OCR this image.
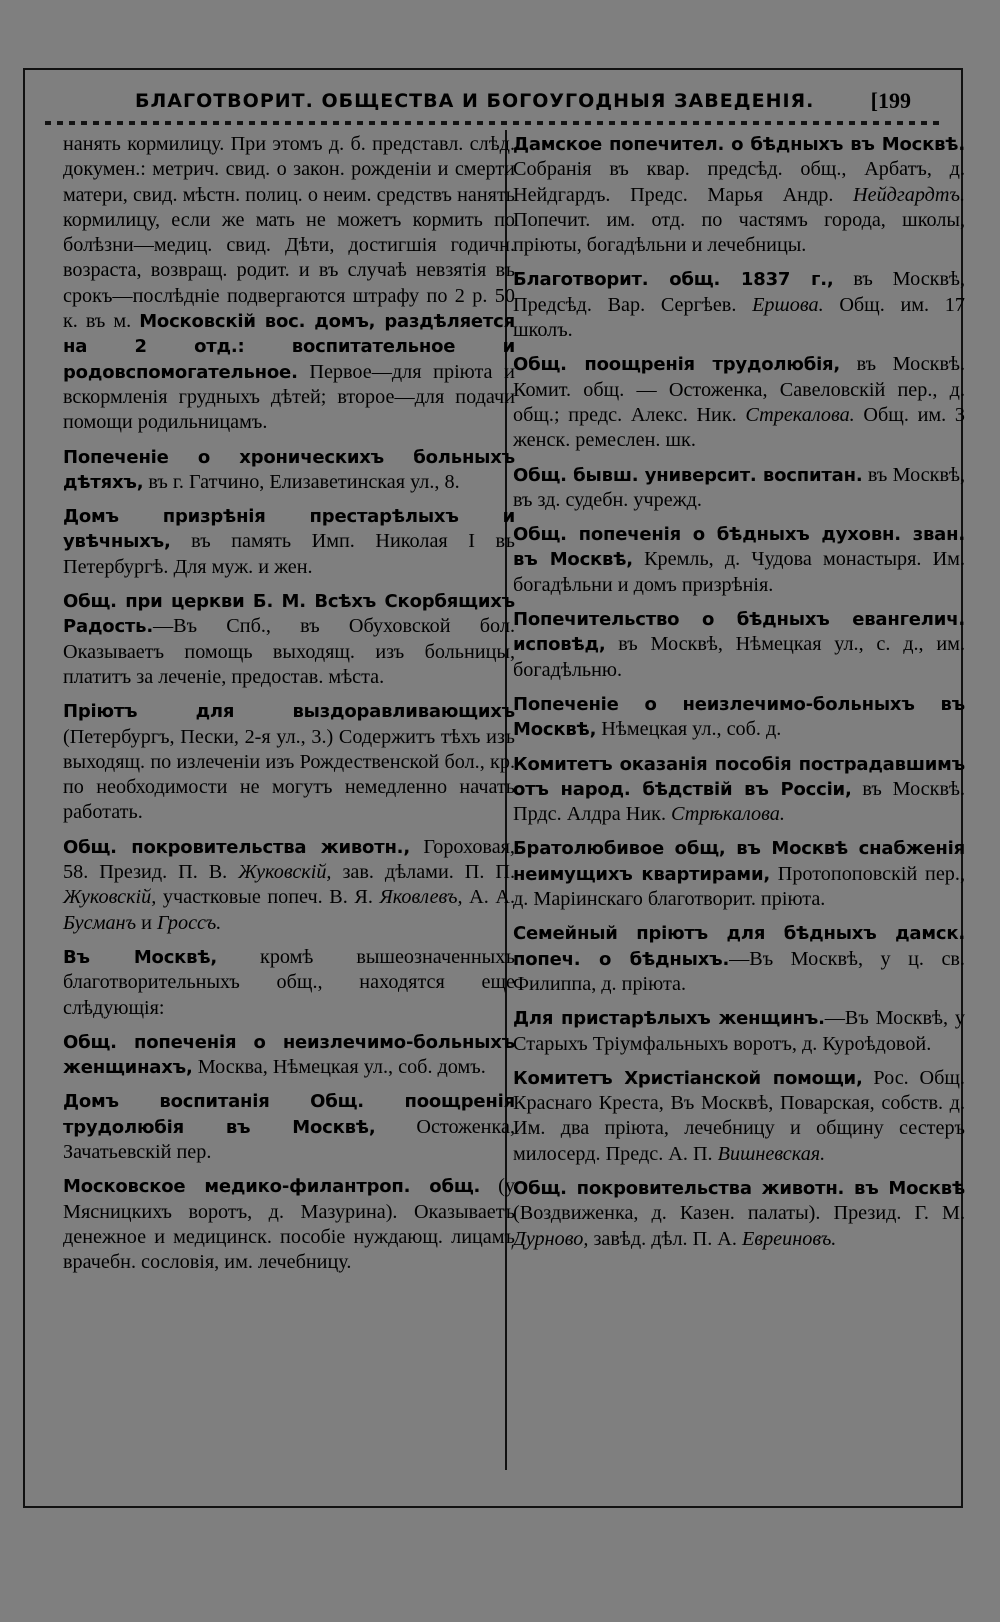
БЛАГОТВОРИТ. ОБЩЕСТВА И БОГОУГОДНЫЯ ЗАВЕДЕНІЯ.	[199

нанять кормилицу. При этомъ д. б. представл. слѣд. докумен.: метрич. свид. о закон. рожденіи и смерти матери, свид. мѣстн. полиц. о неим. средствъ нанять кормилицу, если же мать не можетъ кормить по болѣзни—медиц. свид. Дѣти, достигшія годичн. возраста, возвращ. родит. и въ случаѣ невзятія въ срокъ—послѣдніе подвергаются штрафу по 2 р. 50 к. въ м. Московскій вос. домъ, раздѣляется на 2 отд.: воспитательное и родовспомогательное. Первое—для пріюта и вскормленія грудныхъ дѣтей; второе—для подачи помощи родильницамъ.

Попеченіе о хроническихъ больныхъ дѣтяхъ, въ г. Гатчино, Елизаветинская ул., 8.

Домъ призрѣнія престарѣлыхъ и увѣчныхъ, въ память Имп. Николая I въ Петербургѣ. Для муж. и жен.

Общ. при церкви Б. М. Всѣхъ Скорбящихъ Радость.—Въ Спб., въ Обуховской бол. Оказываетъ помощь выходящ. изъ больницы, платитъ за леченіе, предостав. мѣста.

Пріютъ для выздоравливающихъ (Петербургъ, Пески, 2-я ул., 3.) Содержитъ тѣхъ изъ выходящ. по излеченіи изъ Рождественской бол., кр. по необходимости не могутъ немедленно начать работать.

Общ. покровительства животн., Гороховая, 58. Презид. П. В. Жуковскій, зав. дѣлами. П. П. Жуковскій, участковые попеч. В. Я. Яковлевъ, А. А. Бусманъ и Гроссъ.

Въ Москвѣ, кромѣ вышеозначенныхъ благотворительныхъ общ., находятся еще слѣдующія:

Общ. попеченія о неизлечимо-больныхъ женщинахъ, Москва, Нѣмецкая ул., соб. домъ.

Домъ воспитанія Общ. поощренія трудолюбія въ Москвѣ, Остоженка, Зачатьевскій пер.

Московское медико-филантроп. общ. (у Мясницкихъ воротъ, д. Мазурина). Оказываетъ денежное и медицинск. пособіе нуждающ. лицамъ врачебн. сословія, им. лечебницу.

Дамское попечител. о бѣдныхъ въ Москвѣ. Собранія въ квар. предсѣд. общ., Арбатъ, д. Нейдгардъ. Предс. Марья Андр. Нейдгардтъ. Попечит. им. отд. по частямъ города, школы, пріюты, богадѣльни и лечебницы.

Благотворит. общ. 1837 г., въ Москвѣ, Предсѣд. Вар. Сергѣев. Ершова. Общ. им. 17 школъ.

Общ. поощренія трудолюбія, въ Москвѣ. Комит. общ. — Остоженка, Савеловскій пер., д. общ.; предс. Алекс. Ник. Стрекалова. Общ. им. 3 женск. ремеслен. шк.

Общ. бывш. университ. воспитан. въ Москвѣ, въ зд. судебн. учрежд.

Общ. попеченія о бѣдныхъ духовн. зван. въ Москвѣ, Кремль, д. Чудова монастыря. Им. богадѣльни и домъ призрѣнія.

Попечительство о бѣдныхъ евангелич. исповѣд, въ Москвѣ, Нѣмецкая ул., с. д., им. богадѣльню.

Попеченіе о неизлечимо-больныхъ въ Москвѣ, Нѣмецкая ул., соб. д.

Комитетъ оказанія пособія пострадавшимъ отъ народ. бѣдствій въ Россіи, въ Москвѣ. Прдс. Алдра Ник. Стрѣкалова.

Братолюбивое общ, въ Москвѣ снабженія неимущихъ квартирами, Протопоповскій пер., д. Маріинскаго благотворит. пріюта.

Семейный пріютъ для бѣдныхъ дамск. попеч. о бѣдныхъ.—Въ Москвѣ, у ц. св. Филиппа, д. пріюта.

Для пристарѣлыхъ женщинъ.—Въ Москвѣ, у Старыхъ Тріумфальныхъ воротъ, д. Куроѣдовой.

Комитетъ Христіанской помощи, Рос. Общ. Краснаго Креста, Въ Москвѣ, Поварская, собств. д. Им. два пріюта, лечебницу и общину сестеръ милосерд. Предс. А. П. Вишневская.

Общ. покровительства животн. въ Москвѣ (Воздвиженка, д. Казен. палаты). Презид. Г. М. Дурново, завѣд. дѣл. П. А. Евреиновъ.
